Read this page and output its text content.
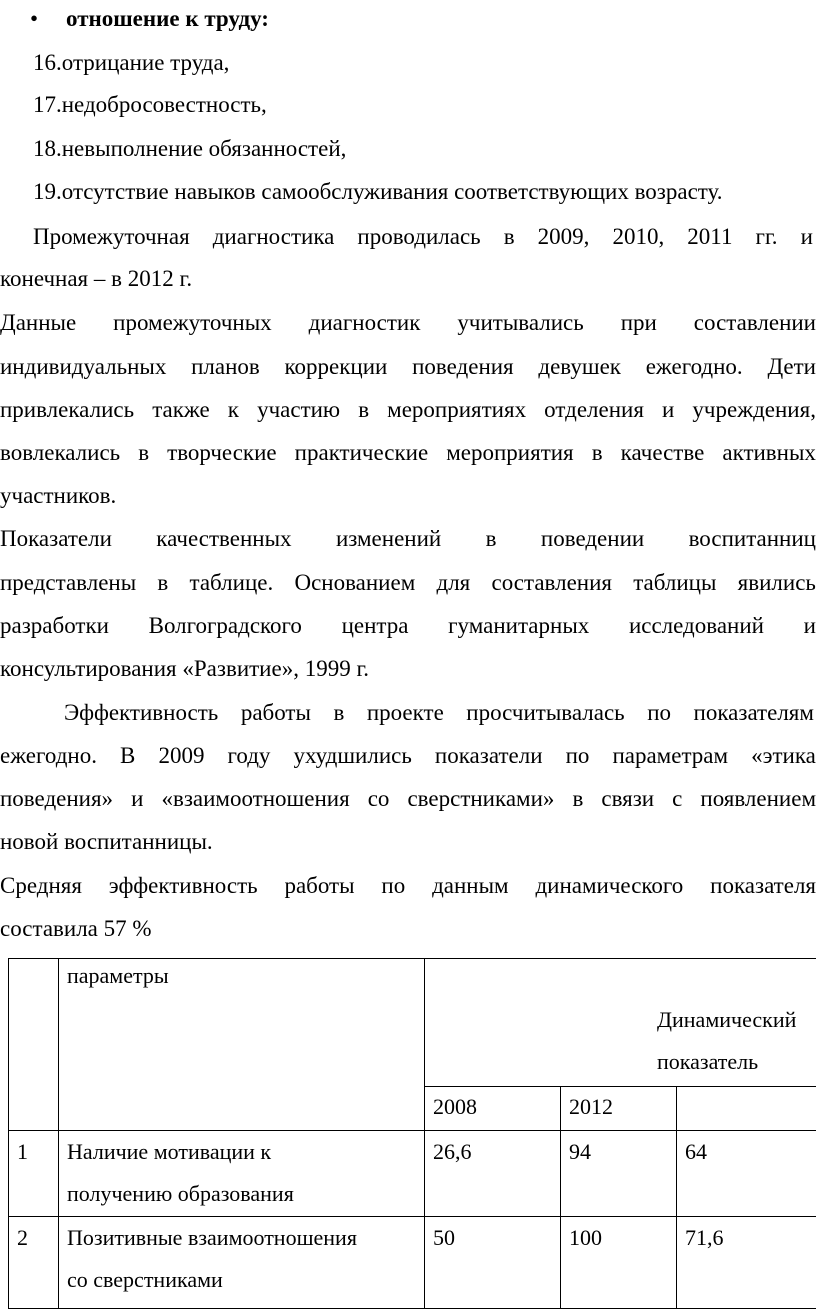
• отношение к труду:
16.отрицание труда,
17.недобросовестность,
18.невыполнение обязанностей,
19.отсутствие навыков самообслуживания соответствующих возрасту.
Промежуточная диагностика проводилась в 2009, 2010, 2011 гг. и
конечная – в 2012 г.
Данные промежуточных диагностик учитывались при составлении
индивидуальных планов коррекции поведения девушек ежегодно. Дети
привлекались также к участию в мероприятиях отделения и учреждения,
вовлекались в творческие практические мероприятия в качестве активных
участников.
Показатели качественных изменений в поведении воспитанниц
представлены в таблице. Основанием для составления таблицы явились
разработки Волгоградского центра гуманитарных исследований и
консультирования «Развитие», 1999 г.
Эффективность работы в проекте просчитывалась по показателям
ежегодно. В 2009 году ухудшились показатели по параметрам «этика
поведения» и «взаимоотношения со сверстниками» в связи с появлением
новой воспитанницы.
Средняя эффективность работы по данным динамического показателя
составила 57 %

	параметры	Динамический
показатель		

		2008	2012	

1	Наличие мотивации к
получению образования	26,6	94	64

2	Позитивные взаимоотношения
со сверстниками	50	100	71,6
